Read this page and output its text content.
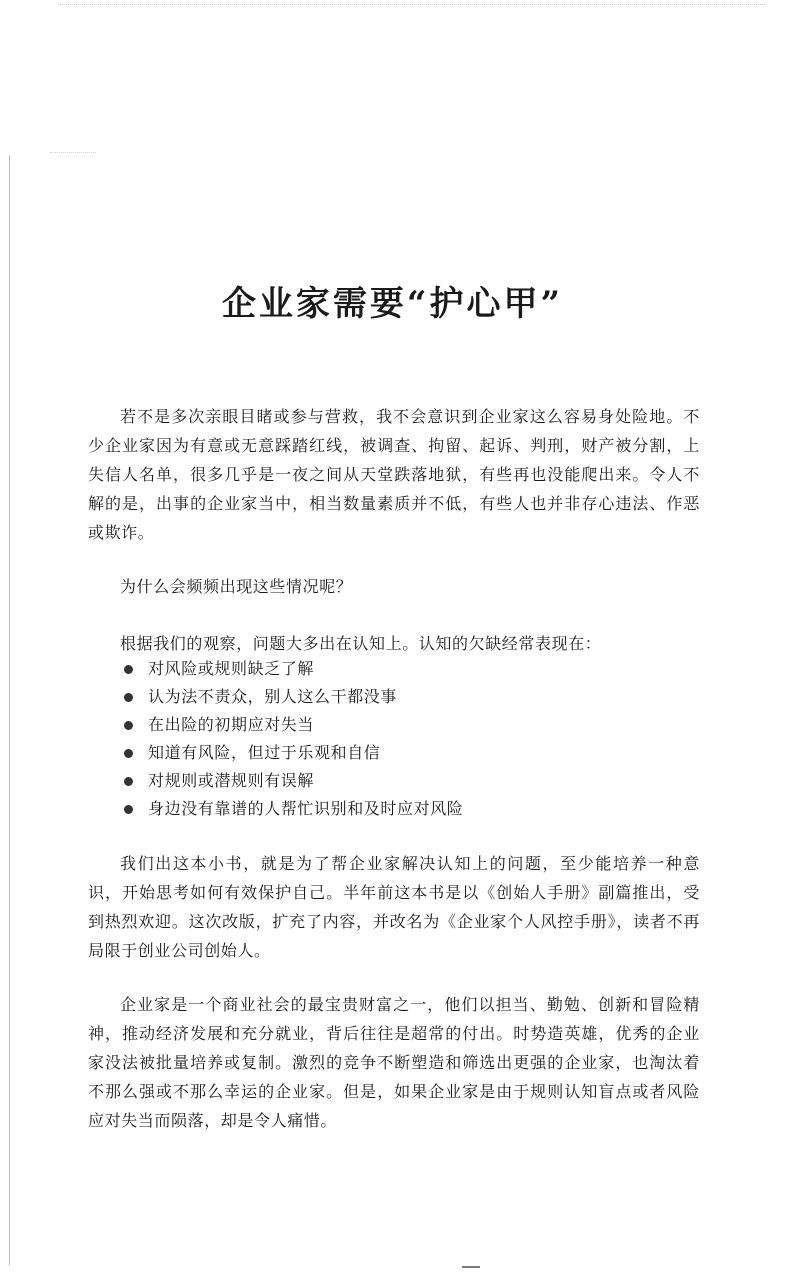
企业家需要“护心甲”

若不是多次亲眼目睹或参与营救，我不会意识到企业家这么容易身处险地。不少企业家因为有意或无意踩踏红线，被调查、拘留、起诉、判刑，财产被分割，上失信人名单，很多几乎是一夜之间从天堂跌落地狱，有些再也没能爬出来。令人不解的是，出事的企业家当中，相当数量素质并不低，有些人也并非存心违法、作恶或欺诈。

为什么会频频出现这些情况呢？

根据我们的观察，问题大多出在认知上。认知的欠缺经常表现在：

对风险或规则缺乏了解
认为法不责众，别人这么干都没事
在出险的初期应对失当
知道有风险，但过于乐观和自信
对规则或潜规则有误解
身边没有靠谱的人帮忙识别和及时应对风险

我们出这本小书，就是为了帮企业家解决认知上的问题，至少能培养一种意识，开始思考如何有效保护自己。半年前这本书是以《创始人手册》副篇推出，受到热烈欢迎。这次改版，扩充了内容，并改名为《企业家个人风控手册》，读者不再局限于创业公司创始人。

企业家是一个商业社会的最宝贵财富之一，他们以担当、勤勉、创新和冒险精神，推动经济发展和充分就业，背后往往是超常的付出。时势造英雄，优秀的企业家没法被批量培养或复制。激烈的竞争不断塑造和筛选出更强的企业家，也淘汰着不那么强或不那么幸运的企业家。但是，如果企业家是由于规则认知盲点或者风险应对失当而陨落，却是令人痛惜。
